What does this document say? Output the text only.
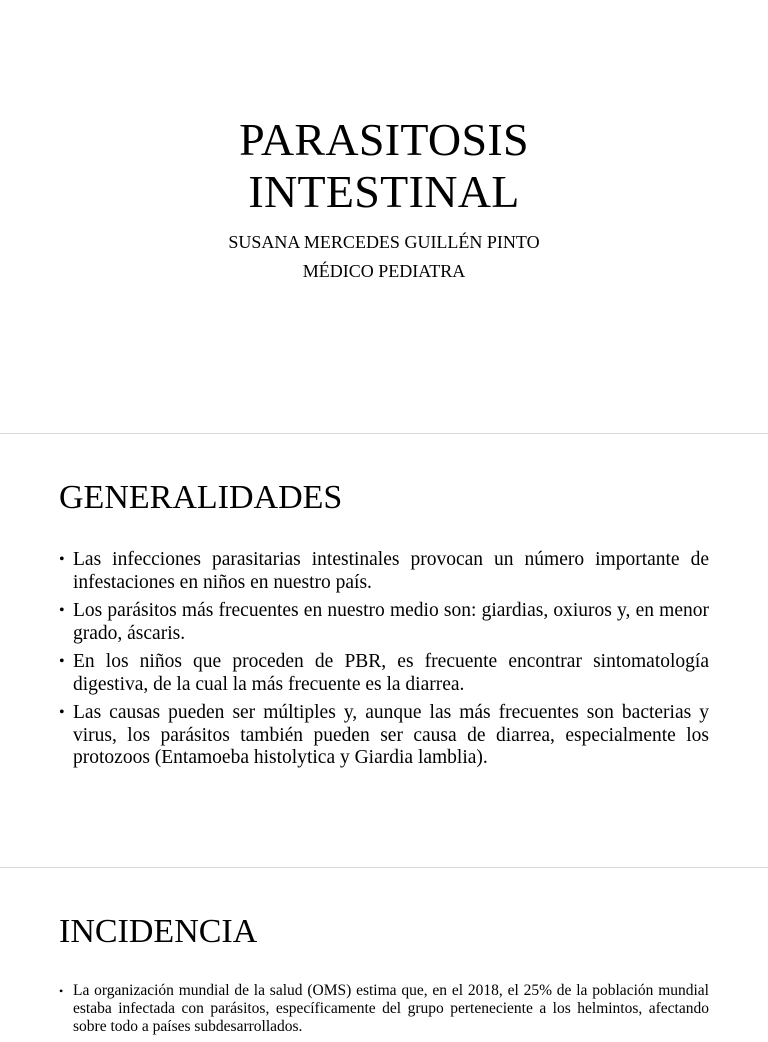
PARASITOSIS

INTESTINAL

SUSANA MERCEDES GUILLÉN PINTO

MÉDICO PEDIATRA

GENERALIDADES
• Las infecciones parasitarias intestinales provocan un número importante de infestaciones en niños en nuestro país.
• Los parásitos más frecuentes en nuestro medio son: giardias, oxiuros y, en menor grado, áscaris.
• En los niños que proceden de PBR, es frecuente encontrar sintomatología digestiva, de la cual la más frecuente es la diarrea.
• Las causas pueden ser múltiples y, aunque las más frecuentes son bacterias y virus, los parásitos también pueden ser causa de diarrea, especialmente los protozoos (Entamoeba histolytica y Giardia lamblia).
INCIDENCIA
• La organización mundial de la salud (OMS) estima que, en el 2018, el 25% de la población mundial estaba infectada con parásitos, específicamente del grupo perteneciente a los helmintos, afectando sobre todo a países subdesarrollados.
